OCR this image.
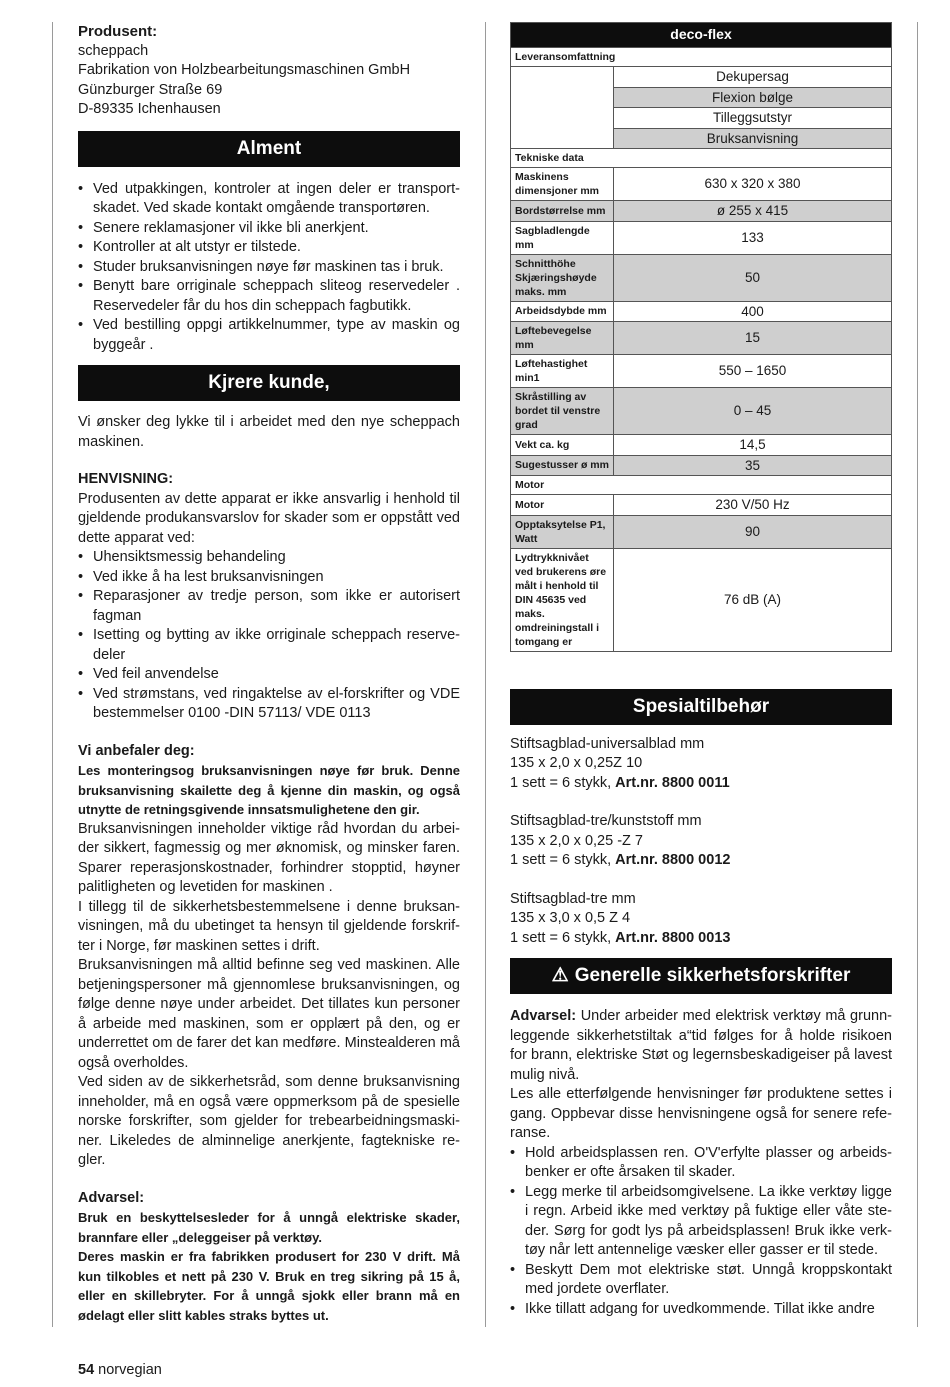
Produsent:

scheppach

Fabrikation von Holzbearbeitungsmaschinen GmbH

Günzburger Straße 69

D-89335 Ichenhausen

Alment
• Ved utpakkingen, kontroler at ingen deler er transportskadet. Ved skade kontakt omgående transportøren.
• Senere reklamasjoner vil ikke bli anerkjent.
• Kontroller at alt utstyr er tilstede.
• Studer bruksanvisningen nøye før maskinen tas i bruk.
• Benytt bare orriginale scheppach sliteog reservedeler . Reservedeler får du hos din scheppach fagbutikk.
• Ved bestilling oppgi artikkelnummer, type av maskin og byggeår .
Kjrere kunde,

Vi ønsker deg lykke til i arbeidet med den nye scheppach maskinen.

HENVISNING:

Produsenten av dette apparat er ikke ansvarlig i henhold til gjeldende produkansvarslov for skader som er oppstått ved dette apparat ved:

• Uhensiktsmessig behandeling
• Ved ikke å ha lest bruksanvisningen
• Reparasjoner av tredje person, som ikke er autorisert fagman
• Isetting og bytting av ikke orriginale scheppach reservedeler
• Ved feil anvendelse
• Ved strømstans, ved ringaktelse av el-forskrifter og VDE bestemmelser 0100 -DIN 57113/ VDE 0113

Vi anbefaler deg:

Les monteringsog bruksanvisningen nøye før bruk. Denne bruksanvisning skailette deg å kjenne din maskin, og også utnytte de retningsgivende innsatsmulighetene den gir.

Bruksanvisningen inneholder viktige råd hvordan du arbeider sikkert, fagmessig og mer øknomisk, og minsker faren. Sparer reperasjonskostnader, forhindrer stopptid, høyner palitligheten og levetiden for maskinen .

I tillegg til de sikkerhetsbestemmelsene i denne bruksanvisningen, må du ubetinget ta hensyn til gjeldende forskrifter i Norge, før maskinen settes i drift.

Bruksanvisningen må alltid befinne seg ved maskinen. Alle betjeningspersoner må gjennomlese bruksanvisningen, og følge denne nøye under arbeidet. Det tillates kun personer å arbeide med maskinen, som er opplært på den, og er underrettet om de farer det kan medføre. Minstealderen må også overholdes.

Ved siden av de sikkerhetsråd, som denne bruksanvisning inneholder, må en også være oppmerksom på de spesielle norske forskrifter, som gjelder for trebearbeidningsmaskiner. Likeledes de alminnelige anerkjente, fagtekniske regler.

Advarsel:

Bruk en beskyttelsesleder for å unngå elektriske skader, brannfare eller „deleggeiser på verktøy.

Deres maskin er fra fabrikken produsert for 230 V drift. Må kun tilkobles et nett på 230 V. Bruk en treg sikring på 15 å, eller en skillebryter. For å unngå sjokk eller brann må en ødelagt eller slitt kables straks byttes ut.

deco-flex	
Leveransomfattning	
	Dekupersag
	Flexion bølge
	Tilleggsutstyr
	Bruksanvisning
Tekniske data	
Maskinens dimensjoner mm	630 x 320 x 380
Bordstørrelse mm	ø 255 x 415
Sagbladlengde mm	133
Schnitthöhe Skjæringshøyde maks. mm	50
Arbeidsdybde mm	400
Løftebevegelse mm	15
Løftehastighet min1	550 – 1650
Skråstilling av bordet til venstre grad	0 – 45
Vekt ca. kg	14,5
Sugestusser ø mm	35
Motor	
Motor	230 V/50 Hz
Opptaksytelse P1, Watt	90
Lydtrykknivået ved brukerens øre målt i henhold til DIN 45635 ved maks. omdreiningstall i tomgang er	76 dB (A)
Spesialtilbehør

Stiftsagblad-universalblad mm

135 x 2,0 x 0,25Z 10

1 sett = 6 stykk, Art.nr. 8800 0011

Stiftsagblad-tre/kunststoff mm

135 x 2,0 x 0,25 -Z 7

1 sett = 6 stykk, Art.nr. 8800 0012

Stiftsagblad-tre mm

135 x 3,0 x 0,5 Z 4

1 sett = 6 stykk, Art.nr. 8800 0013

⚠ Generelle sikkerhetsforskrifter

Advarsel: Under arbeider med elektrisk verktøy må grunnleggende sikkerhetstiltak a“tid følges for å holde risikoen for brann, elektriske Støt og legernsbeskadigeiser på lavest mulig nivå.

Les alle etterfølgende henvisninger før produktene settes i gang. Oppbevar disse henvisningene også for senere referanse.

• Hold arbeidsplassen ren. O'V'erfylte plasser og arbeidsbenker er ofte årsaken til skader.
• Legg merke til arbeidsomgivelsene. La ikke verktøy ligge i regn. Arbeid ikke med verktøy på fuktige eller våte steder. Sørg for godt lys på arbeidsplassen! Bruk ikke verktøy når lett antennelige væsker eller gasser er til stede.
• Beskytt Dem mot elektriske støt. Unngå kroppskontakt med jordete overflater.
• Ikke tillatt adgang for uvedkommende. Tillat ikke andre
54 norvegian
